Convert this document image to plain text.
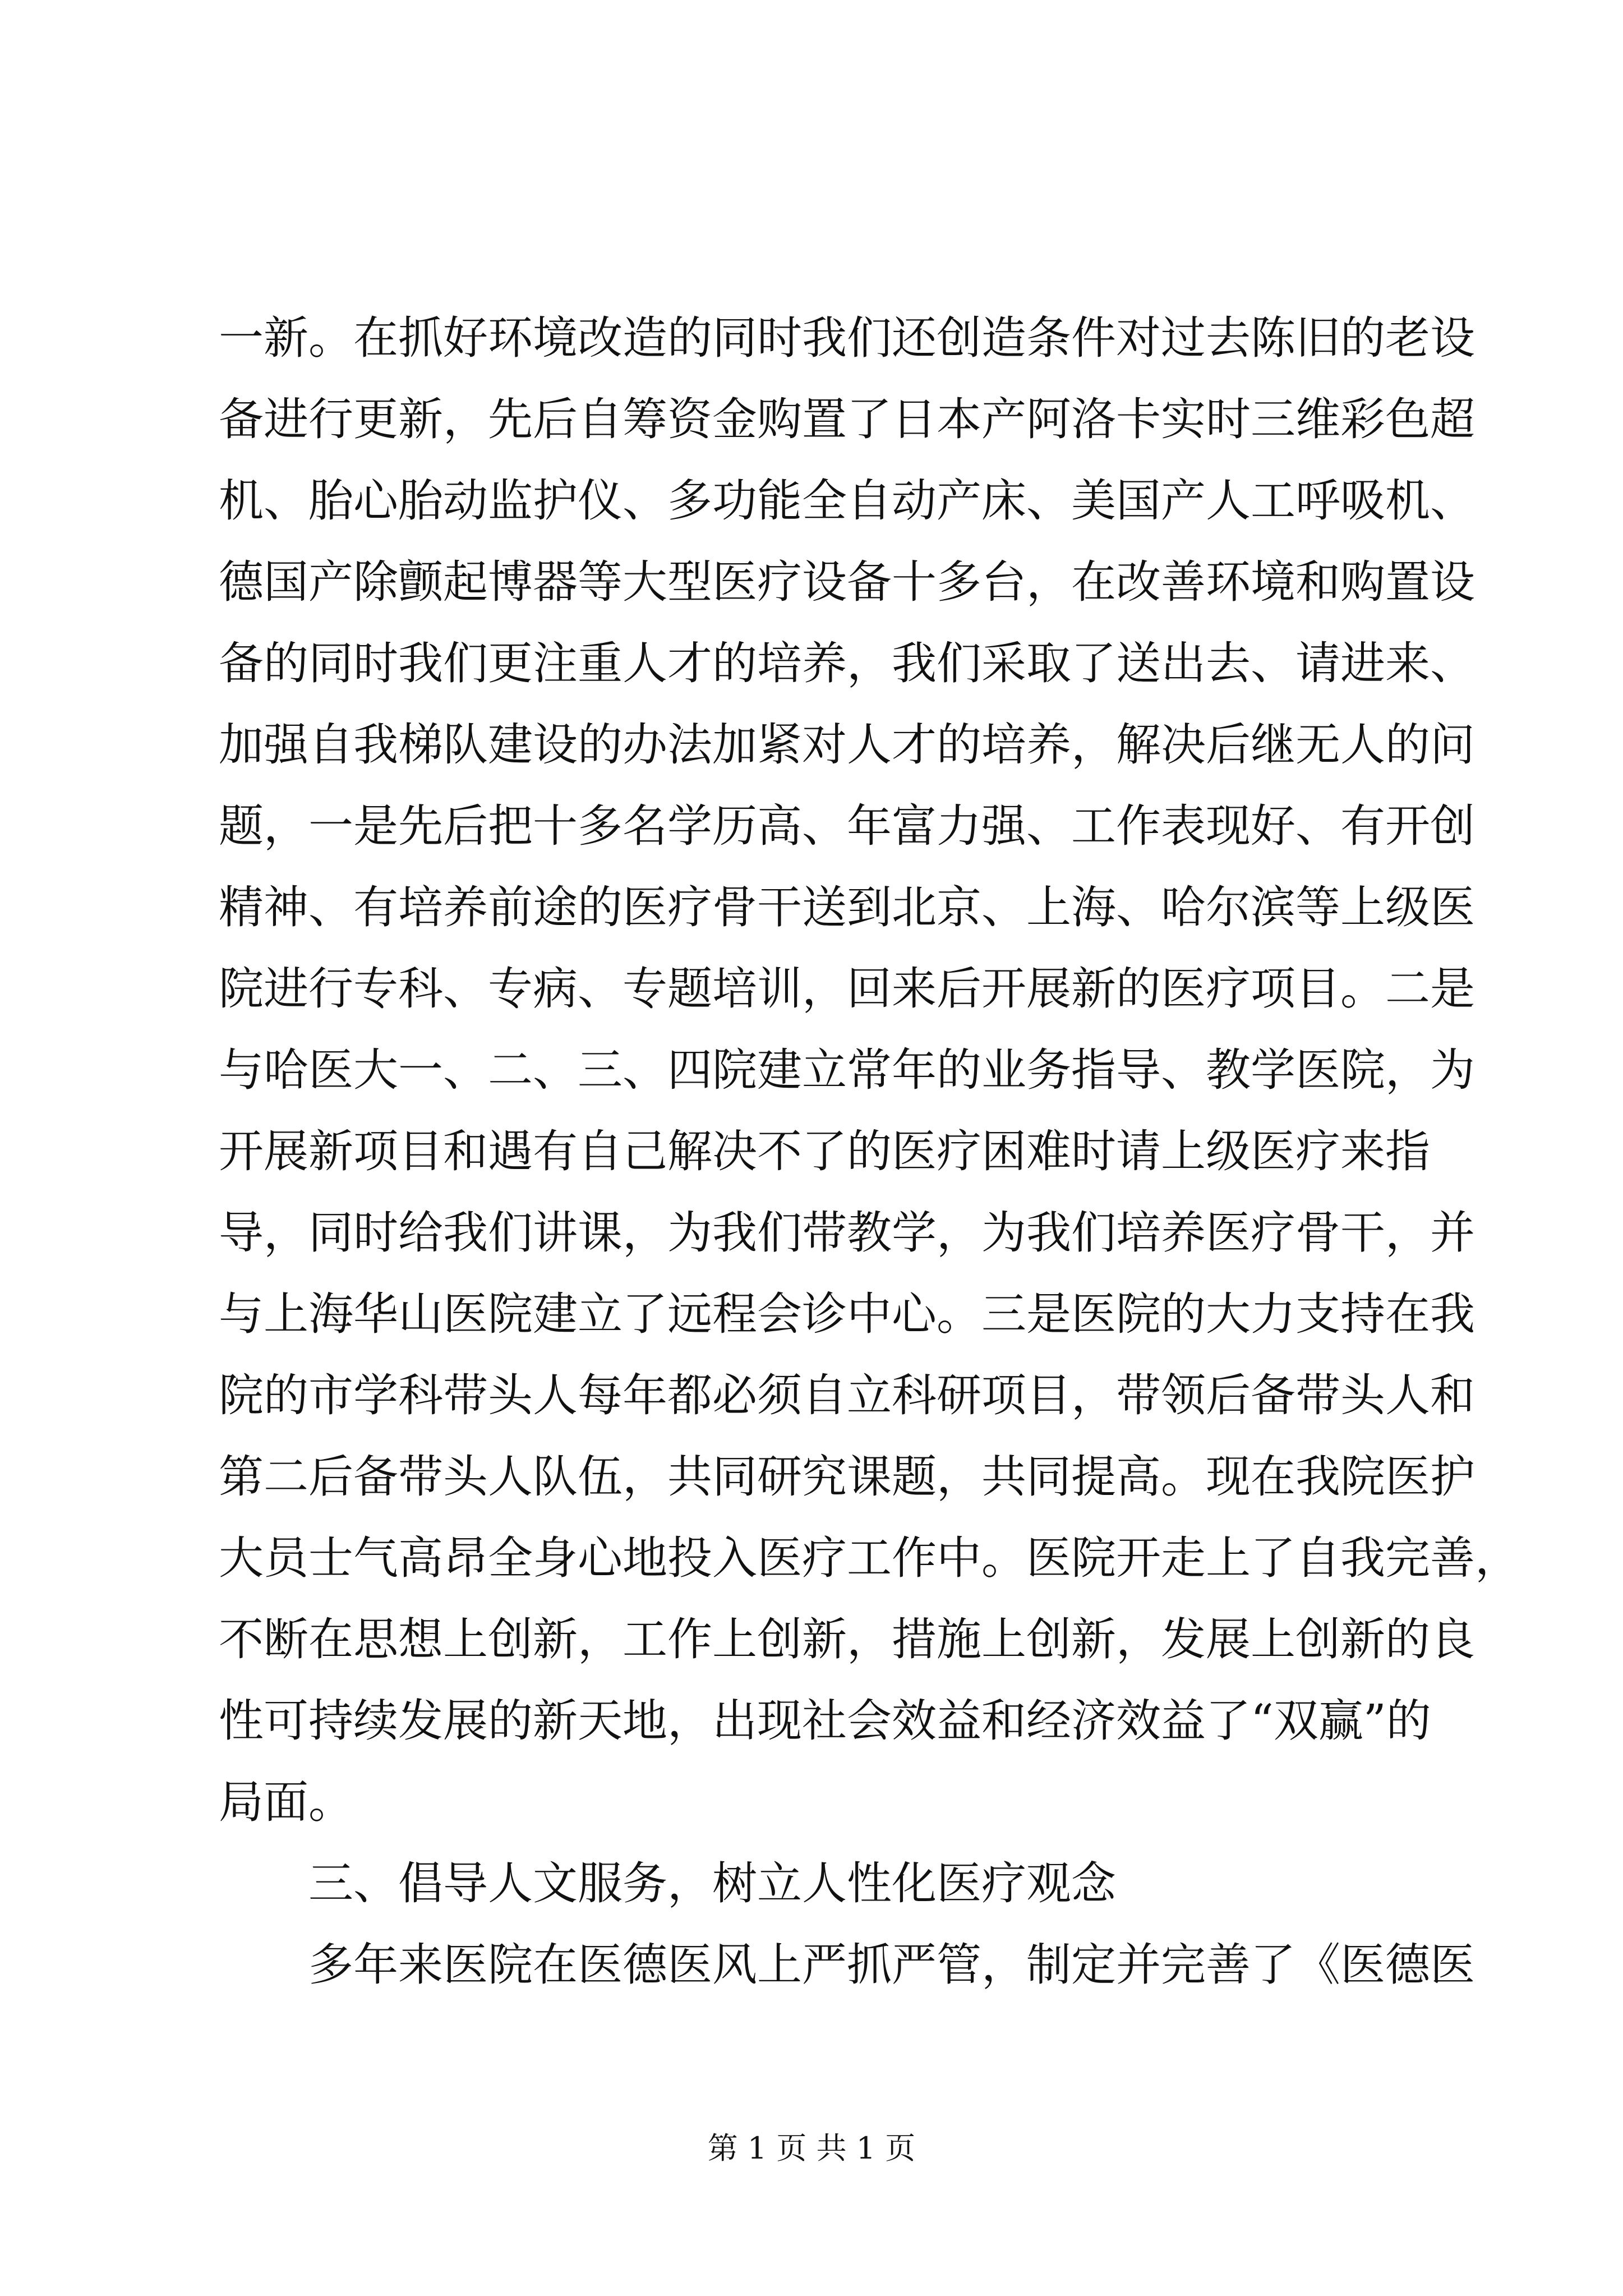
一新。在抓好环境改造的同时我们还创造条件对过去陈旧的老设
备进行更新，先后自筹资金购置了日本产阿洛卡实时三维彩色超
机、胎心胎动监护仪、多功能全自动产床、美国产人工呼吸机、
德国产除颤起博器等大型医疗设备十多台，在改善环境和购置设
备的同时我们更注重人才的培养，我们采取了送出去、请进来、
加强自我梯队建设的办法加紧对人才的培养，解决后继无人的问
题，一是先后把十多名学历高、年富力强、工作表现好、有开创
精神、有培养前途的医疗骨干送到北京、上海、哈尔滨等上级医
院进行专科、专病、专题培训，回来后开展新的医疗项目。二是
与哈医大一、二、三、四院建立常年的业务指导、教学医院，为
开展新项目和遇有自己解决不了的医疗困难时请上级医疗来指
导，同时给我们讲课，为我们带教学，为我们培养医疗骨干，并
与上海华山医院建立了远程会诊中心。三是医院的大力支持在我
院的市学科带头人每年都必须自立科研项目，带领后备带头人和
第二后备带头人队伍，共同研究课题，共同提高。现在我院医护
大员士气高昂全身心地投入医疗工作中。医院开走上了自我完善，
不断在思想上创新，工作上创新，措施上创新，发展上创新的良
性可持续发展的新天地，出现社会效益和经济效益了“双赢”的
局面。
三、倡导人文服务，树立人性化医疗观念
多年来医院在医德医风上严抓严管，制定并完善了《医德医
第 1 页 共 1 页
